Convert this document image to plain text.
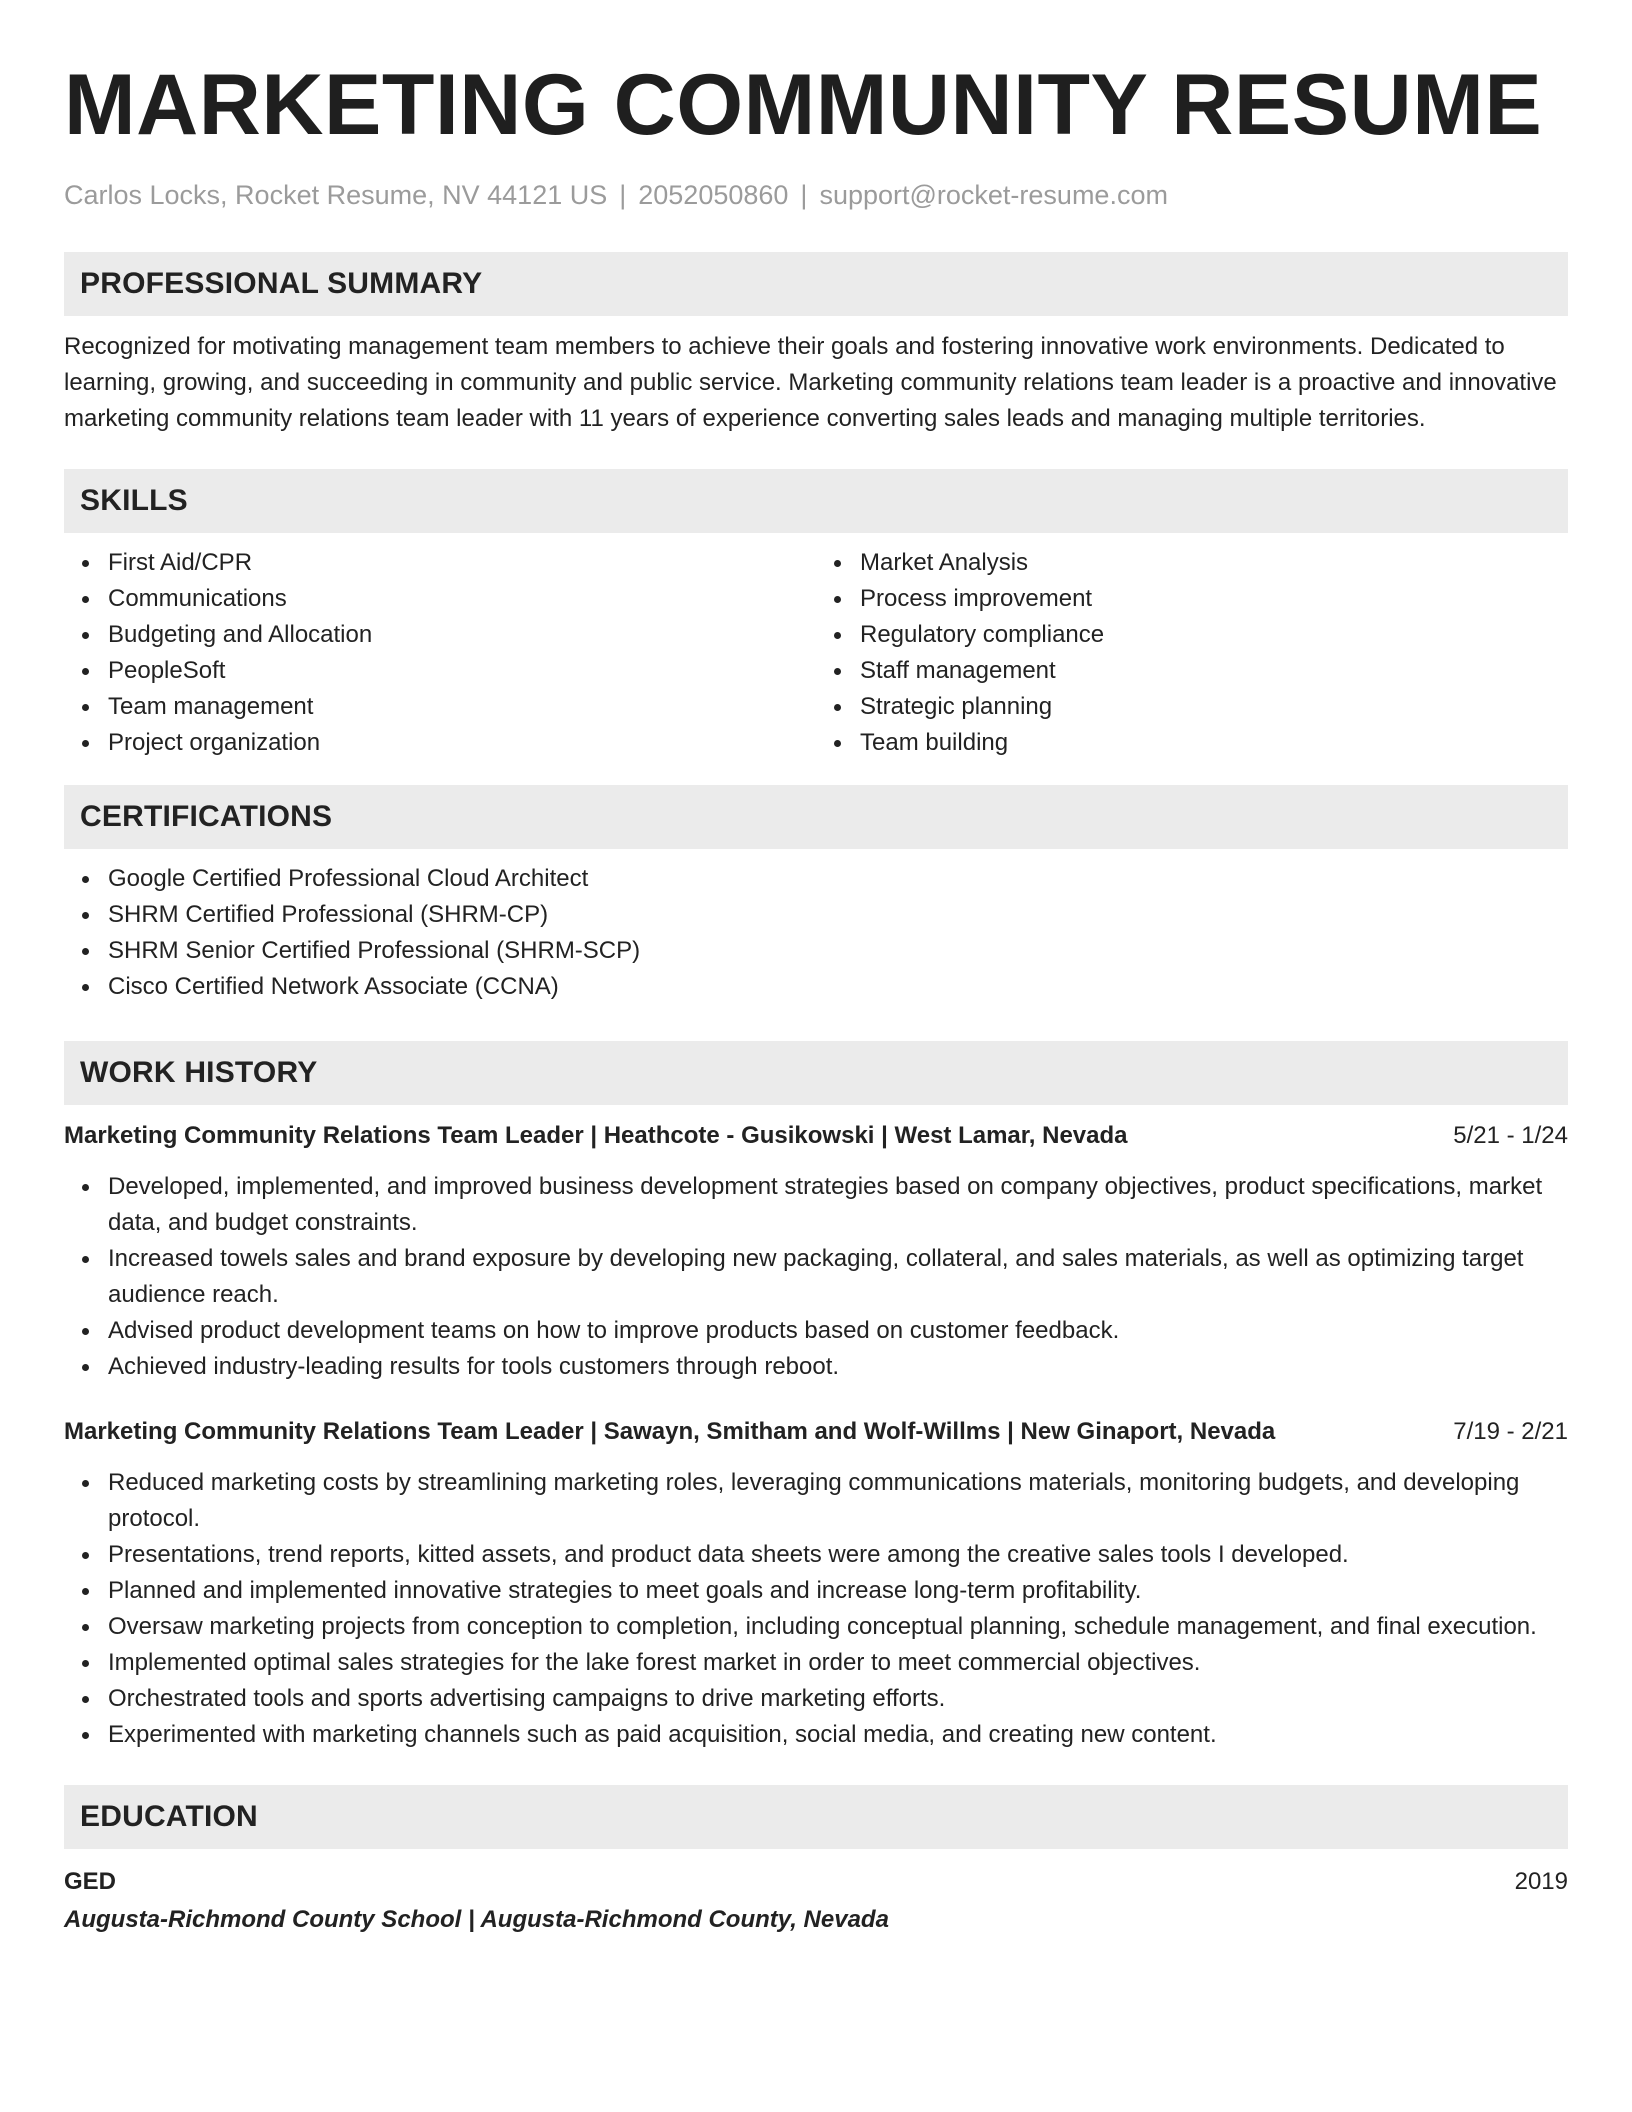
MARKETING COMMUNITY RESUME
Carlos Locks, Rocket Resume, NV 44121 US | 2052050860 | support@rocket-resume.com
PROFESSIONAL SUMMARY
Recognized for motivating management team members to achieve their goals and fostering innovative work environments. Dedicated to learning, growing, and succeeding in community and public service. Marketing community relations team leader is a proactive and innovative marketing community relations team leader with 11 years of experience converting sales leads and managing multiple territories.
SKILLS
First Aid/CPR
Communications
Budgeting and Allocation
PeopleSoft
Team management
Project organization
Market Analysis
Process improvement
Regulatory compliance
Staff management
Strategic planning
Team building
CERTIFICATIONS
Google Certified Professional Cloud Architect
SHRM Certified Professional (SHRM-CP)
SHRM Senior Certified Professional (SHRM-SCP)
Cisco Certified Network Associate (CCNA)
WORK HISTORY
Marketing Community Relations Team Leader | Heathcote - Gusikowski | West Lamar, Nevada	5/21 - 1/24
Developed, implemented, and improved business development strategies based on company objectives, product specifications, market data, and budget constraints.
Increased towels sales and brand exposure by developing new packaging, collateral, and sales materials, as well as optimizing target audience reach.
Advised product development teams on how to improve products based on customer feedback.
Achieved industry-leading results for tools customers through reboot.
Marketing Community Relations Team Leader | Sawayn, Smitham and Wolf-Willms | New Ginaport, Nevada	7/19 - 2/21
Reduced marketing costs by streamlining marketing roles, leveraging communications materials, monitoring budgets, and developing protocol.
Presentations, trend reports, kitted assets, and product data sheets were among the creative sales tools I developed.
Planned and implemented innovative strategies to meet goals and increase long-term profitability.
Oversaw marketing projects from conception to completion, including conceptual planning, schedule management, and final execution.
Implemented optimal sales strategies for the lake forest market in order to meet commercial objectives.
Orchestrated tools and sports advertising campaigns to drive marketing efforts.
Experimented with marketing channels such as paid acquisition, social media, and creating new content.
EDUCATION
GED	2019
Augusta-Richmond County School | Augusta-Richmond County, Nevada
